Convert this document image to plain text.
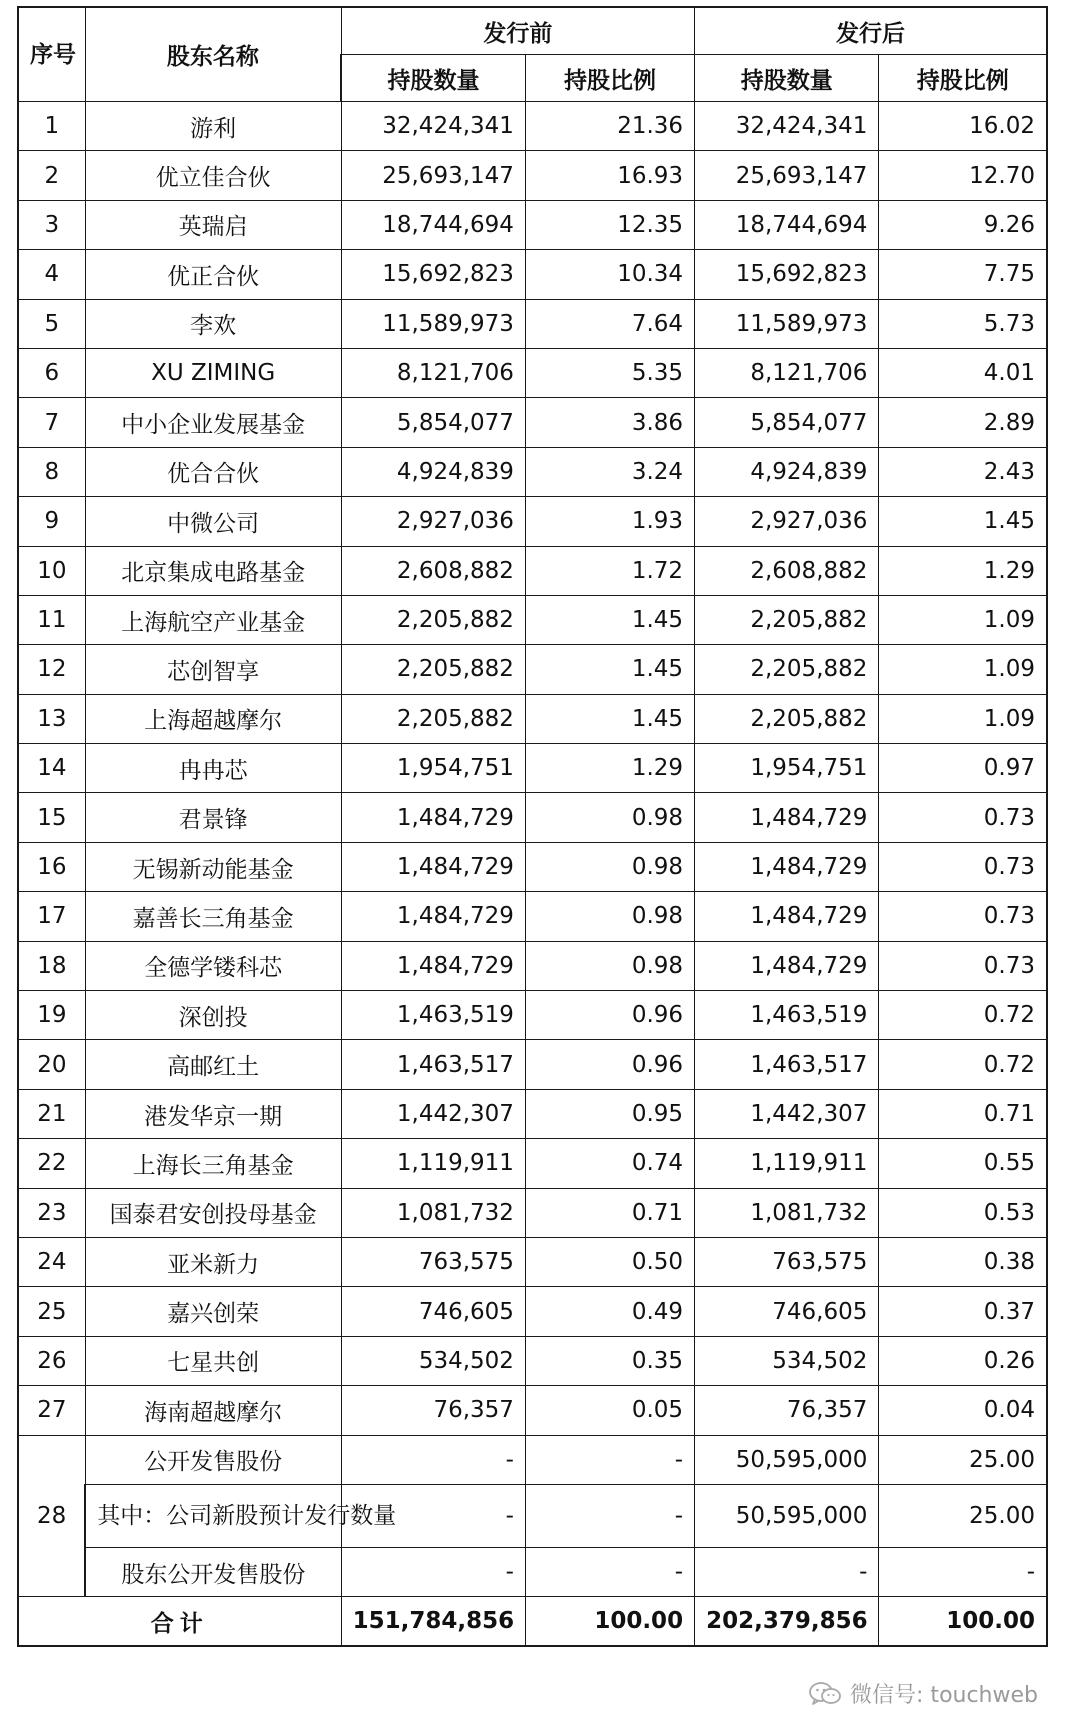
序号	股东名称	发行前		发行后	
		持股数量	持股比例	持股数量	持股比例
1	游利	32,424,341	21.36	32,424,341	16.02
2	优立佳合伙	25,693,147	16.93	25,693,147	12.70
3	英瑞启	18,744,694	12.35	18,744,694	9.26
4	优正合伙	15,692,823	10.34	15,692,823	7.75
5	李欢	11,589,973	7.64	11,589,973	5.73
6	XU ZIMING	8,121,706	5.35	8,121,706	4.01
7	中小企业发展基金	5,854,077	3.86	5,854,077	2.89
8	优合合伙	4,924,839	3.24	4,924,839	2.43
9	中微公司	2,927,036	1.93	2,927,036	1.45
10	北京集成电路基金	2,608,882	1.72	2,608,882	1.29
11	上海航空产业基金	2,205,882	1.45	2,205,882	1.09
12	芯创智享	2,205,882	1.45	2,205,882	1.09
13	上海超越摩尔	2,205,882	1.45	2,205,882	1.09
14	冉冉芯	1,954,751	1.29	1,954,751	0.97
15	君景锋	1,484,729	0.98	1,484,729	0.73
16	无锡新动能基金	1,484,729	0.98	1,484,729	0.73
17	嘉善长三角基金	1,484,729	0.98	1,484,729	0.73
18	全德学镂科芯	1,484,729	0.98	1,484,729	0.73
19	深创投	1,463,519	0.96	1,463,519	0.72
20	高邮红土	1,463,517	0.96	1,463,517	0.72
21	港发华京一期	1,442,307	0.95	1,442,307	0.71
22	上海长三角基金	1,119,911	0.74	1,119,911	0.55
23	国泰君安创投母基金	1,081,732	0.71	1,081,732	0.53
24	亚米新力	763,575	0.50	763,575	0.38
25	嘉兴创荣	746,605	0.49	746,605	0.37
26	七星共创	534,502	0.35	534,502	0.26
27	海南超越摩尔	76,357	0.05	76,357	0.04
28	公开发售股份	-	-	50,595,000	25.00
	其中：公司新股预计发行数量	-	-	50,595,000	25.00
	股东公开发售股份	-	-	-	-
合计		151,784,856	100.00	202,379,856	100.00
微信号: touchweb
